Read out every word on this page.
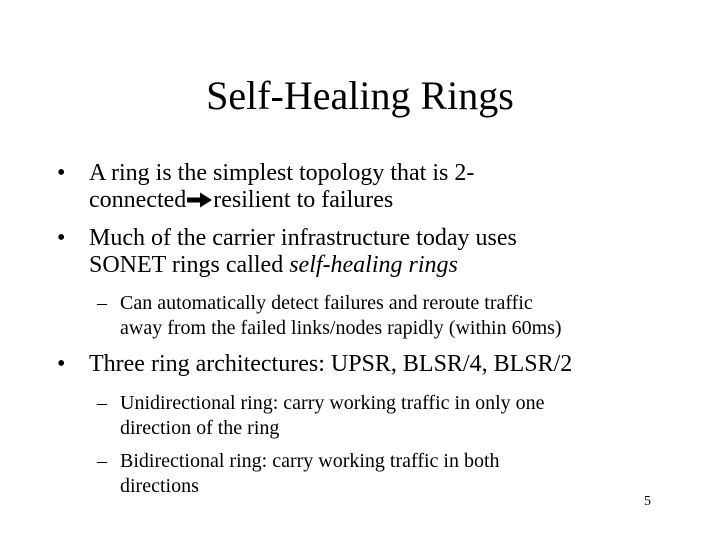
Self-Healing Rings
• A ring is the simplest topology that is 2-
connected resilient to failures
• Much of the carrier infrastructure today uses
SONET rings called self-healing rings
– Can automatically detect failures and reroute traffic
away from the failed links/nodes rapidly (within 60ms)
• Three ring architectures: UPSR, BLSR/4, BLSR/2
– Unidirectional ring: carry working traffic in only one
direction of the ring
– Bidirectional ring: carry working traffic in both
directions
5
